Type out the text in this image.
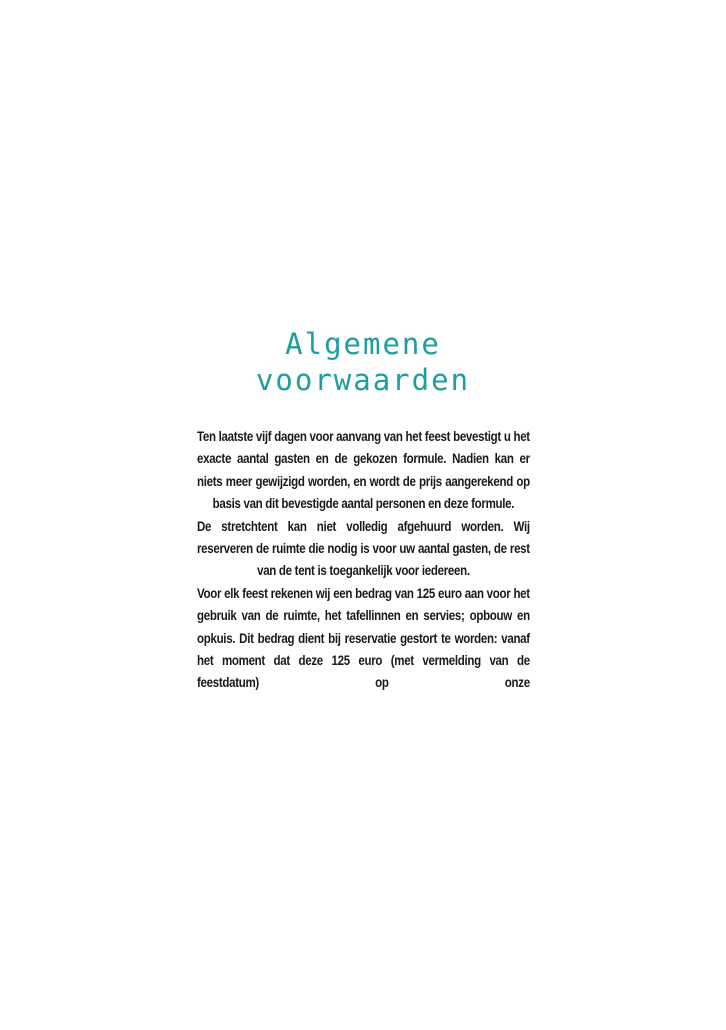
Algemene
voorwaarden

Ten laatste vijf dagen voor aanvang van het feest bevestigt u het exacte aantal gasten en de gekozen formule. Nadien kan er niets meer gewijzigd worden, en wordt de prijs aangerekend op basis van dit bevestigde aantal personen en deze formule.

De stretchtent kan niet volledig afgehuurd worden. Wij reserveren de ruimte die nodig is voor uw aantal gasten, de rest van de tent is toegankelijk voor iedereen.

Voor elk feest rekenen wij een bedrag van 125 euro aan voor het gebruik van de ruimte, het tafellinnen en servies; opbouw en opkuis. Dit bedrag dient bij reservatie gestort te worden: vanaf het moment dat deze 125 euro (met vermelding van de feestdatum) op onze
